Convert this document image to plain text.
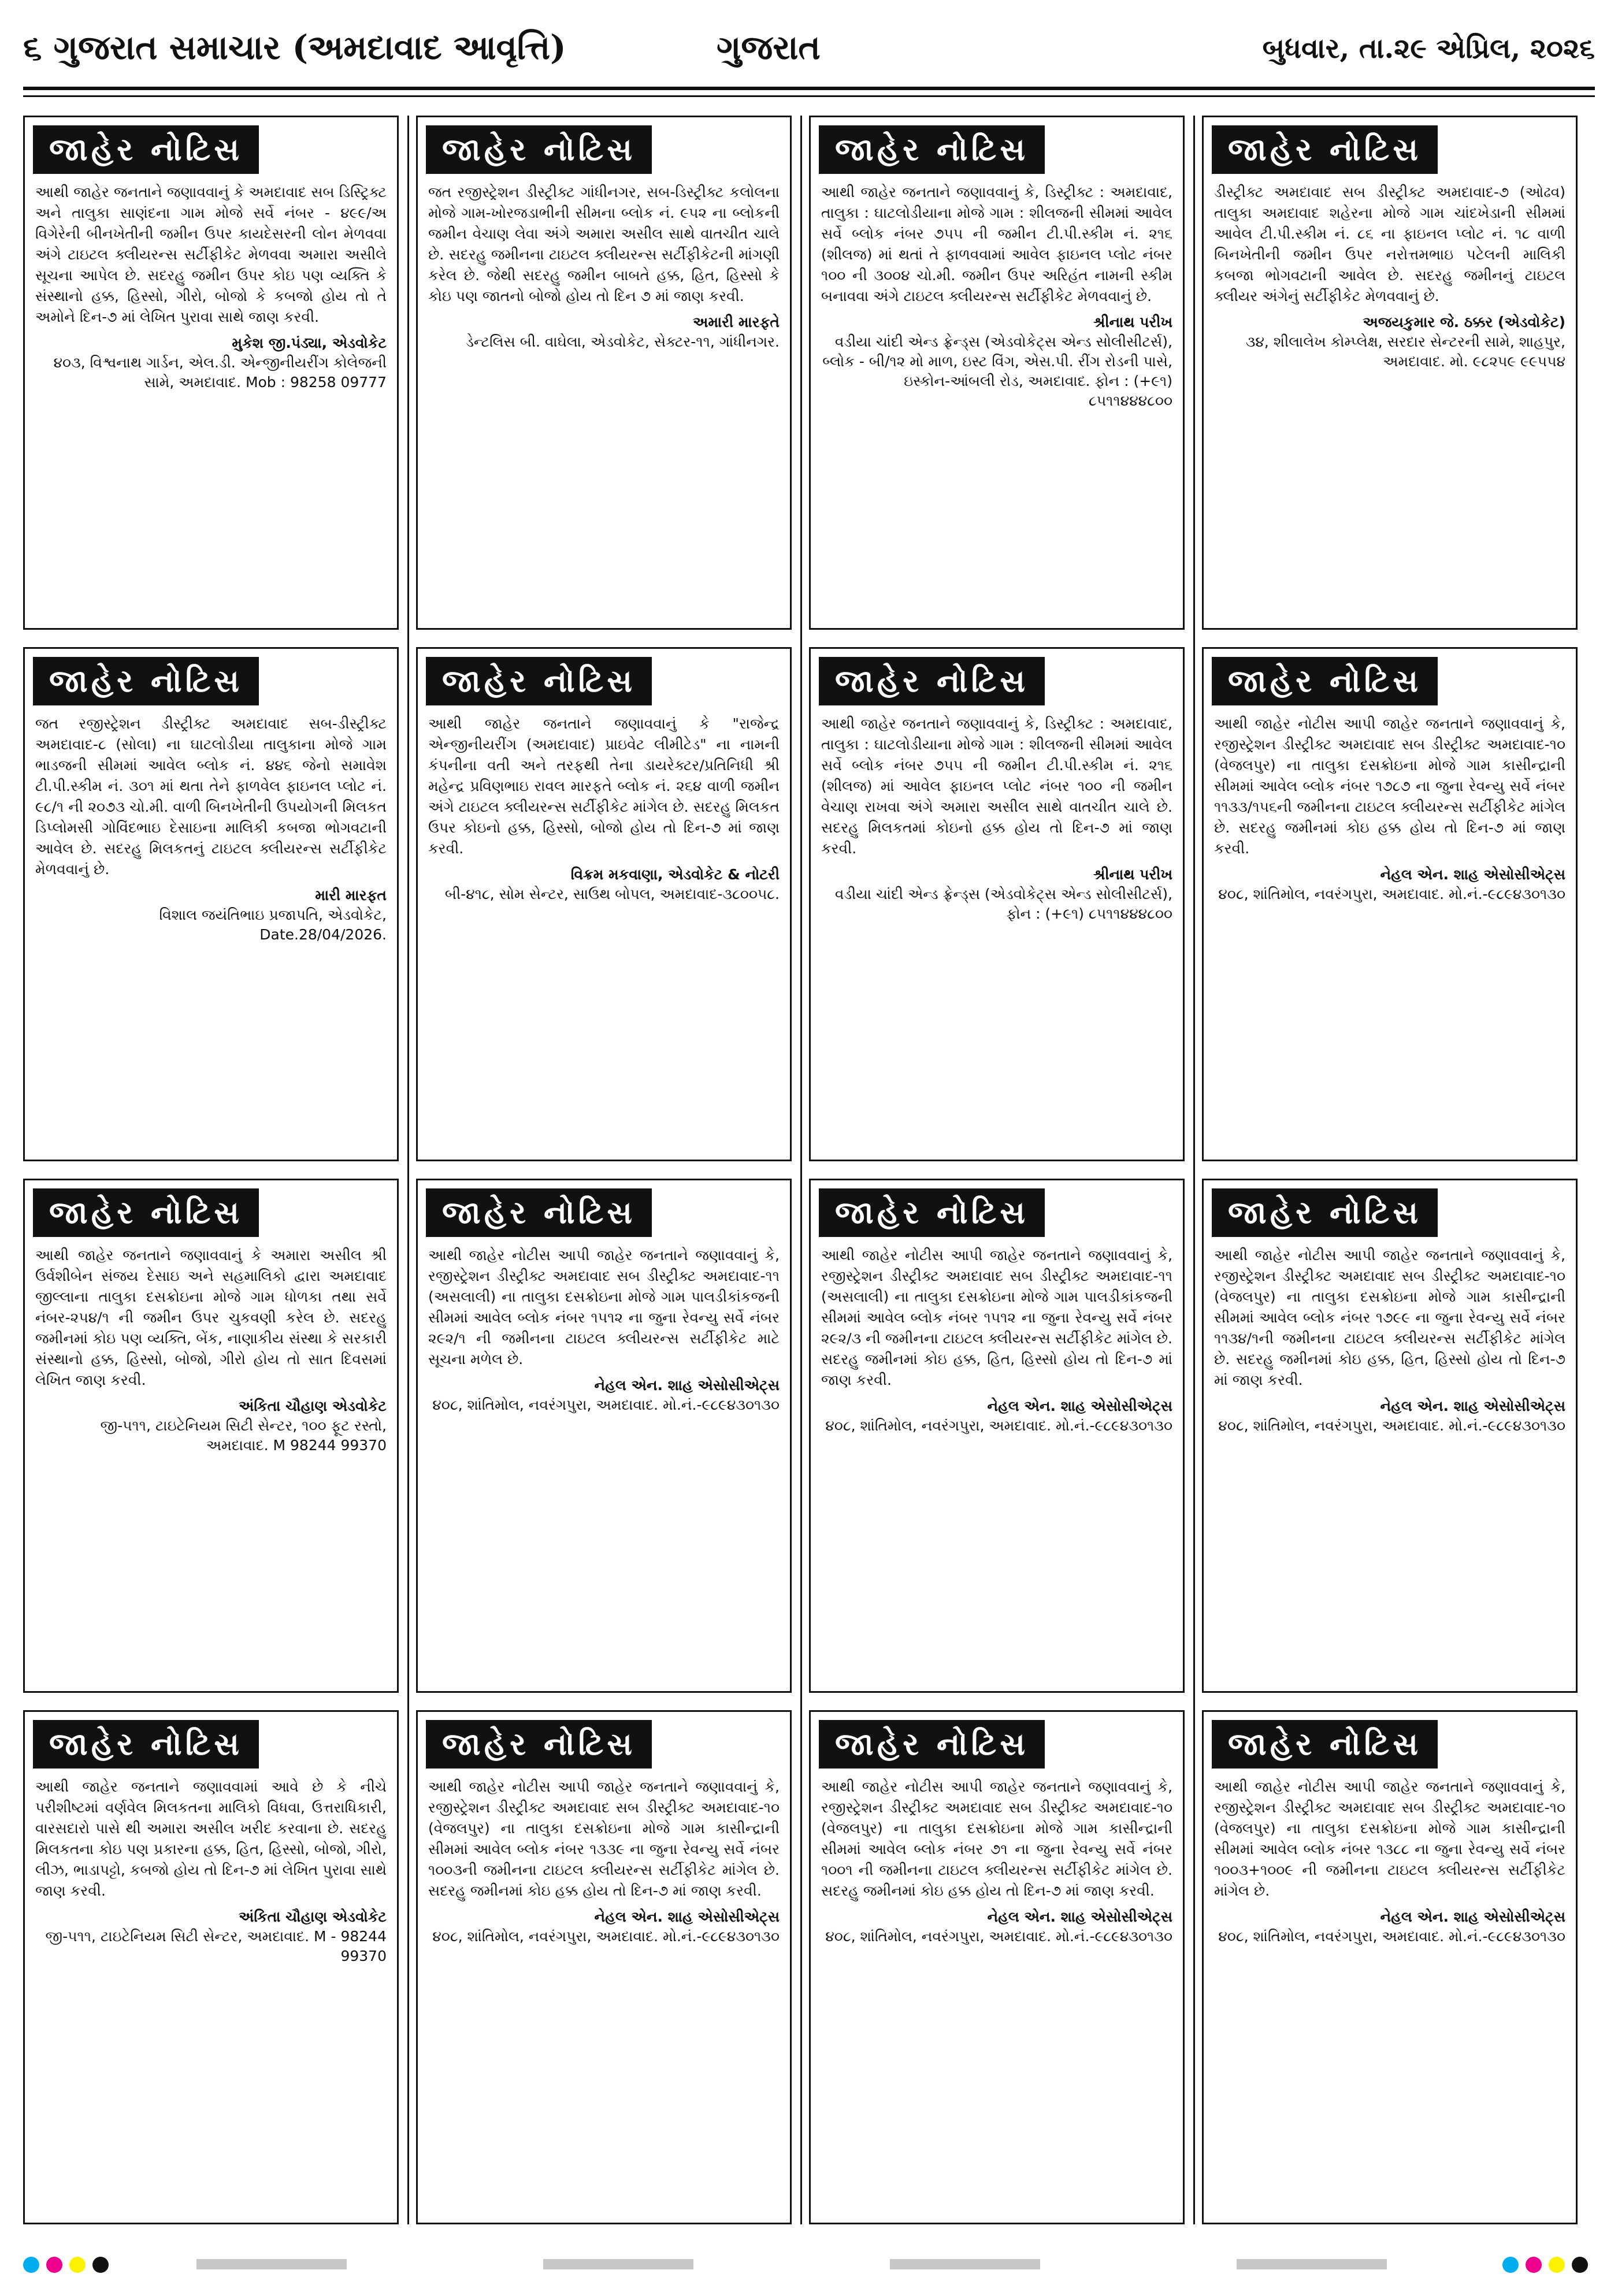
૬ ગુજરાત સમાચાર (અમદાવાદ આવૃત્તિ)	ગુજરાત	બુધવાર, તા.૨૯ એપ્રિલ, ૨૦૨૬
જાહેર નોટિસ
આથી જાહેર જનતાને જણાવવાનું કે અમદાવાદ સબ ડિસ્ટ્રિક્ટ અને તાલુકા સાણંદના ગામ મોજે સર્વે નંબર - ૪૯૯/અ વિગેરેની બીનખેતીની જમીન ઉપર કાયદેસરની લોન મેળવવા અંગે ટાઇટલ ક્લીયરન્સ સર્ટીફીકેટ મેળવવા અમારા અસીલે સૂચના આપેલ છે. સદરહુ જમીન ઉપર કોઇ પણ વ્યક્તિ કે સંસ્થાનો હક્ક, હિસ્સો, ગીરો, બોજો કે કબજો હોય તો તે અમોને દિન-૭ માં લેખિત પુરાવા સાથે જાણ કરવી.
મુકેશ જી.પંડ્યા, એડવોકેટ
૪૦૩, વિશ્વનાથ ગાર્ડન, એલ.ડી. એન્જીનીયરીંગ કોલેજની સામે, અમદાવાદ. Mob : 98258 09777
જાહેર નોટિસ
જત રજીસ્ટ્રેશન ડીસ્ટ્રીક્ટ અમદાવાદ સબ-ડીસ્ટ્રીક્ટ અમદાવાદ-૮ (સોલા) ના ઘાટલોડીયા તાલુકાના મોજે ગામ ભાડજની સીમમાં આવેલ બ્લોક નં. ૪૪૬ જેનો સમાવેશ ટી.પી.સ્કીમ નં. ૩૦૧ માં થતા તેને ફાળવેલ ફાઇનલ પ્લોટ નં. ૯૮/૧ ની ૨૦૭૩ ચો.મી. વાળી બિનખેતીની ઉપયોગની મિલકત ડિપ્લોમસી ગોવિંદભાઇ દેસાઇના માલિકી કબજા ભોગવટાની આવેલ છે. સદરહુ મિલકતનું ટાઇટલ ક્લીયરન્સ સર્ટીફીકેટ મેળવવાનું છે.
મારી મારફત
વિશાલ જયંતિભાઇ પ્રજાપતિ, એડવોકેટ, Date.28/04/2026.
જાહેર નોટિસ
આથી જાહેર જનતાને જણાવવાનું કે અમારા અસીલ શ્રી ઉર્વશીબેન સંજય દેસાઇ અને સહમાલિકો દ્વારા અમદાવાદ જીલ્લાના તાલુકા દસક્રોઇના મોજે ગામ ધોળકા તથા સર્વે નંબર-૨૫૪/૧ ની જમીન ઉપર ચુકવણી કરેલ છે. સદરહુ જમીનમાં કોઇ પણ વ્યક્તિ, બેંક, નાણાકીય સંસ્થા કે સરકારી સંસ્થાનો હક્ક, હિસ્સો, બોજો, ગીરો હોય તો સાત દિવસમાં લેખિત જાણ કરવી.
અંકિતા ચૌહાણ એડવોકેટ
જી-૫૧૧, ટાઇટેનિયમ સિટી સેન્ટર, ૧૦૦ ફૂટ રસ્તો, અમદાવાદ. M 98244 99370
જાહેર નોટિસ
આથી જાહેર જનતાને જણાવવામાં આવે છે કે નીચે પરીશીષ્ટમાં વર્ણવેલ મિલકતના માલિકો વિધવા, ઉત્તરાધિકારી, વારસદારો પાસે થી અમારા અસીલ ખરીદ કરવાના છે. સદરહુ મિલકતના કોઇ પણ પ્રકારના હક્ક, હિત, હિસ્સો, બોજો, ગીરો, લીઝ, ભાડાપટ્ટો, કબજો હોય તો દિન-૭ માં લેખિત પુરાવા સાથે જાણ કરવી.
અંકિતા ચૌહાણ એડવોકેટ
જી-૫૧૧, ટાઇટેનિયમ સિટી સેન્ટર, અમદાવાદ. M - 98244 99370
જાહેર નોટિસ
જત રજીસ્ટ્રેશન ડીસ્ટ્રીક્ટ ગાંધીનગર, સબ-ડિસ્ટ્રીક્ટ કલોલના મોજે ગામ-ખોરજડાભીની સીમના બ્લોક નં. ૯૫૨ ના બ્લોકની જમીન વેચાણ લેવા અંગે અમારા અસીલ સાથે વાતચીત ચાલે છે. સદરહુ જમીનના ટાઇટલ ક્લીયરન્સ સર્ટીફીકેટની માંગણી કરેલ છે. જેથી સદરહુ જમીન બાબતે હક્ક, હિત, હિસ્સો કે કોઇ પણ જાતનો બોજો હોય તો દિન ૭ માં જાણ કરવી.
અમારી મારફતે
ડેન્ટલિસ બી. વાઘેલા, એડવોકેટ, સેક્ટર-૧૧, ગાંધીનગર.
જાહેર નોટિસ
આથી જાહેર જનતાને જણાવવાનું કે "રાજેન્દ્ર એન્જીનીયરીંગ (અમદાવાદ) પ્રાઇવેટ લીમીટેડ" ના નામની કંપનીના વતી અને તરફથી તેના ડાયરેક્ટર/પ્રતિનિધી શ્રી મહેન્દ્ર પ્રવિણભાઇ રાવલ મારફતે બ્લોક નં. ૨૬૪ વાળી જમીન અંગે ટાઇટલ ક્લીયરન્સ સર્ટીફીકેટ માંગેલ છે. સદરહુ મિલકત ઉપર કોઇનો હક્ક, હિસ્સો, બોજો હોય તો દિન-૭ માં જાણ કરવી.
વિક્રમ મકવાણા, એડવોકેટ & નોટરી
બી-૪૧૮, સોમ સેન્ટર, સાઉથ બોપલ, અમદાવાદ-૩૮૦૦૫૮.
જાહેર નોટિસ
આથી જાહેર નોટીસ આપી જાહેર જનતાને જણાવવાનું કે, રજીસ્ટ્રેશન ડીસ્ટ્રીક્ટ અમદાવાદ સબ ડીસ્ટ્રીક્ટ અમદાવાદ-૧૧ (અસલાલી) ના તાલુકા દસક્રોઇના મોજે ગામ પાલડીકાંકજની સીમમાં આવેલ બ્લોક નંબર ૧૫૧૨ ના જુના રેવન્યુ સર્વે નંબર ૨૯૨/૧ ની જમીનના ટાઇટલ ક્લીયરન્સ સર્ટીફીકેટ માટે સૂચના મળેલ છે.
નેહલ એન. શાહ એસોસીએટ્સ
૪૦૮, શાંતિમોલ, નવરંગપુરા, અમદાવાદ. મો.નં.-૯૮૯૪૩૦૧૩૦
જાહેર નોટિસ
આથી જાહેર નોટીસ આપી જાહેર જનતાને જણાવવાનું કે, રજીસ્ટ્રેશન ડીસ્ટ્રીક્ટ અમદાવાદ સબ ડીસ્ટ્રીક્ટ અમદાવાદ-૧૦ (વેજલપુર) ના તાલુકા દસક્રોઇના મોજે ગામ કાસીન્દ્રાની સીમમાં આવેલ બ્લોક નંબર ૧૩૩૯ ના જુના રેવન્યુ સર્વે નંબર ૧૦૦૩ની જમીનના ટાઇટલ ક્લીયરન્સ સર્ટીફીકેટ માંગેલ છે. સદરહુ જમીનમાં કોઇ હક્ક હોય તો દિન-૭ માં જાણ કરવી.
નેહલ એન. શાહ એસોસીએટ્સ
૪૦૮, શાંતિમોલ, નવરંગપુરા, અમદાવાદ. મો.નં.-૯૮૯૪૩૦૧૩૦
જાહેર નોટિસ
આથી જાહેર જનતાને જણાવવાનું કે, ડિસ્ટ્રીક્ટ : અમદાવાદ, તાલુકા : ઘાટલોડીયાના મોજે ગામ : શીલજની સીમમાં આવેલ સર્વે બ્લોક નંબર ૭૫૫ ની જમીન ટી.પી.સ્કીમ નં. ૨૧૬ (શીલજ) માં થતાં તે ફાળવવામાં આવેલ ફાઇનલ પ્લોટ નંબર ૧૦૦ ની ૩૦૦૪ ચો.મી. જમીન ઉપર અરિહંત નામની સ્કીમ બનાવવા અંગે ટાઇટલ ક્લીયરન્સ સર્ટીફીકેટ મેળવવાનું છે.
શ્રીનાથ પરીખ
વડીયા ચાંદી એન્ડ ફ્રેન્ડ્સ (એડવોકેટ્સ એન્ડ સોલીસીટર્સ), બ્લોક - બી/૧૨ મો માળ, ઇસ્ટ વિંગ, એસ.પી. રીંગ રોડની પાસે, ઇસ્કોન-આંબલી રોડ, અમદાવાદ. ફોન : (+૯૧) ૮૫૧૧૪૪૪૮૦૦
જાહેર નોટિસ
આથી જાહેર જનતાને જણાવવાનું કે, ડિસ્ટ્રીક્ટ : અમદાવાદ, તાલુકા : ઘાટલોડીયાના મોજે ગામ : શીલજની સીમમાં આવેલ સર્વે બ્લોક નંબર ૭૫૫ ની જમીન ટી.પી.સ્કીમ નં. ૨૧૬ (શીલજ) માં આવેલ ફાઇનલ પ્લોટ નંબર ૧૦૦ ની જમીન વેચાણ રાખવા અંગે અમારા અસીલ સાથે વાતચીત ચાલે છે. સદરહુ મિલકતમાં કોઇનો હક્ક હોય તો દિન-૭ માં જાણ કરવી.
શ્રીનાથ પરીખ
વડીયા ચાંદી એન્ડ ફ્રેન્ડ્સ (એડવોકેટ્સ એન્ડ સોલીસીટર્સ), ફોન : (+૯૧) ૮૫૧૧૪૪૪૮૦૦
જાહેર નોટિસ
આથી જાહેર નોટીસ આપી જાહેર જનતાને જણાવવાનું કે, રજીસ્ટ્રેશન ડીસ્ટ્રીક્ટ અમદાવાદ સબ ડીસ્ટ્રીક્ટ અમદાવાદ-૧૧ (અસલાલી) ના તાલુકા દસક્રોઇના મોજે ગામ પાલડીકાંકજની સીમમાં આવેલ બ્લોક નંબર ૧૫૧૨ ના જુના રેવન્યુ સર્વે નંબર ૨૯૨/૩ ની જમીનના ટાઇટલ ક્લીયરન્સ સર્ટીફીકેટ માંગેલ છે. સદરહુ જમીનમાં કોઇ હક્ક, હિત, હિસ્સો હોય તો દિન-૭ માં જાણ કરવી.
નેહલ એન. શાહ એસોસીએટ્સ
૪૦૮, શાંતિમોલ, નવરંગપુરા, અમદાવાદ. મો.નં.-૯૮૯૪૩૦૧૩૦
જાહેર નોટિસ
આથી જાહેર નોટીસ આપી જાહેર જનતાને જણાવવાનું કે, રજીસ્ટ્રેશન ડીસ્ટ્રીક્ટ અમદાવાદ સબ ડીસ્ટ્રીક્ટ અમદાવાદ-૧૦ (વેજલપુર) ના તાલુકા દસક્રોઇના મોજે ગામ કાસીન્દ્રાની સીમમાં આવેલ બ્લોક નંબર ૭૧ ના જુના રેવન્યુ સર્વે નંબર ૧૦૦૧ ની જમીનના ટાઇટલ ક્લીયરન્સ સર્ટીફીકેટ માંગેલ છે. સદરહુ જમીનમાં કોઇ હક્ક હોય તો દિન-૭ માં જાણ કરવી.
નેહલ એન. શાહ એસોસીએટ્સ
૪૦૮, શાંતિમોલ, નવરંગપુરા, અમદાવાદ. મો.નં.-૯૮૯૪૩૦૧૩૦
જાહેર નોટિસ
ડીસ્ટ્રીક્ટ અમદાવાદ સબ ડીસ્ટ્રીક્ટ અમદાવાદ-૭ (ઓઢવ) તાલુકા અમદાવાદ શહેરના મોજે ગામ ચાંદખેડાની સીમમાં આવેલ ટી.પી.સ્કીમ નં. ૮૬ ના ફાઇનલ પ્લોટ નં. ૧૮ વાળી બિનખેતીની જમીન ઉપર નરોત્તમભાઇ પટેલની માલિકી કબજા ભોગવટાની આવેલ છે. સદરહુ જમીનનું ટાઇટલ ક્લીયર અંગેનું સર્ટીફીકેટ મેળવવાનું છે.
અજયકુમાર જે. ઠક્કર (એડવોકેટ)
૩૪, શીલાલેખ કોમ્પ્લેક્ષ, સરદાર સેન્ટરની સામે, શાહપુર, અમદાવાદ. મો. ૯૮૨૫૯ ૯૯૫૫૪
જાહેર નોટિસ
આથી જાહેર નોટીસ આપી જાહેર જનતાને જણાવવાનું કે, રજીસ્ટ્રેશન ડીસ્ટ્રીક્ટ અમદાવાદ સબ ડીસ્ટ્રીક્ટ અમદાવાદ-૧૦ (વેજલપુર) ના તાલુકા દસક્રોઇના મોજે ગામ કાસીન્દ્રાની સીમમાં આવેલ બ્લોક નંબર ૧૭૮૭ ના જુના રેવન્યુ સર્વે નંબર ૧૧૩૩/૧૫૬ની જમીનના ટાઇટલ ક્લીયરન્સ સર્ટીફીકેટ માંગેલ છે. સદરહુ જમીનમાં કોઇ હક્ક હોય તો દિન-૭ માં જાણ કરવી.
નેહલ એન. શાહ એસોસીએટ્સ
૪૦૮, શાંતિમોલ, નવરંગપુરા, અમદાવાદ. મો.નં.-૯૮૯૪૩૦૧૩૦
જાહેર નોટિસ
આથી જાહેર નોટીસ આપી જાહેર જનતાને જણાવવાનું કે, રજીસ્ટ્રેશન ડીસ્ટ્રીક્ટ અમદાવાદ સબ ડીસ્ટ્રીક્ટ અમદાવાદ-૧૦ (વેજલપુર) ના તાલુકા દસક્રોઇના મોજે ગામ કાસીન્દ્રાની સીમમાં આવેલ બ્લોક નંબર ૧૭૯૯ ના જુના રેવન્યુ સર્વે નંબર ૧૧૩૪/૧ની જમીનના ટાઇટલ ક્લીયરન્સ સર્ટીફીકેટ માંગેલ છે. સદરહુ જમીનમાં કોઇ હક્ક, હિત, હિસ્સો હોય તો દિન-૭ માં જાણ કરવી.
નેહલ એન. શાહ એસોસીએટ્સ
૪૦૮, શાંતિમોલ, નવરંગપુરા, અમદાવાદ. મો.નં.-૯૮૯૪૩૦૧૩૦
જાહેર નોટિસ
આથી જાહેર નોટીસ આપી જાહેર જનતાને જણાવવાનું કે, રજીસ્ટ્રેશન ડીસ્ટ્રીક્ટ અમદાવાદ સબ ડીસ્ટ્રીક્ટ અમદાવાદ-૧૦ (વેજલપુર) ના તાલુકા દસક્રોઇના મોજે ગામ કાસીન્દ્રાની સીમમાં આવેલ બ્લોક નંબર ૧૩૮૮ ના જુના રેવન્યુ સર્વે નંબર ૧૦૦૩+૧૦૦૯ ની જમીનના ટાઇટલ ક્લીયરન્સ સર્ટીફીકેટ માંગેલ છે.
નેહલ એન. શાહ એસોસીએટ્સ
૪૦૮, શાંતિમોલ, નવરંગપુરા, અમદાવાદ. મો.નં.-૯૮૯૪૩૦૧૩૦
